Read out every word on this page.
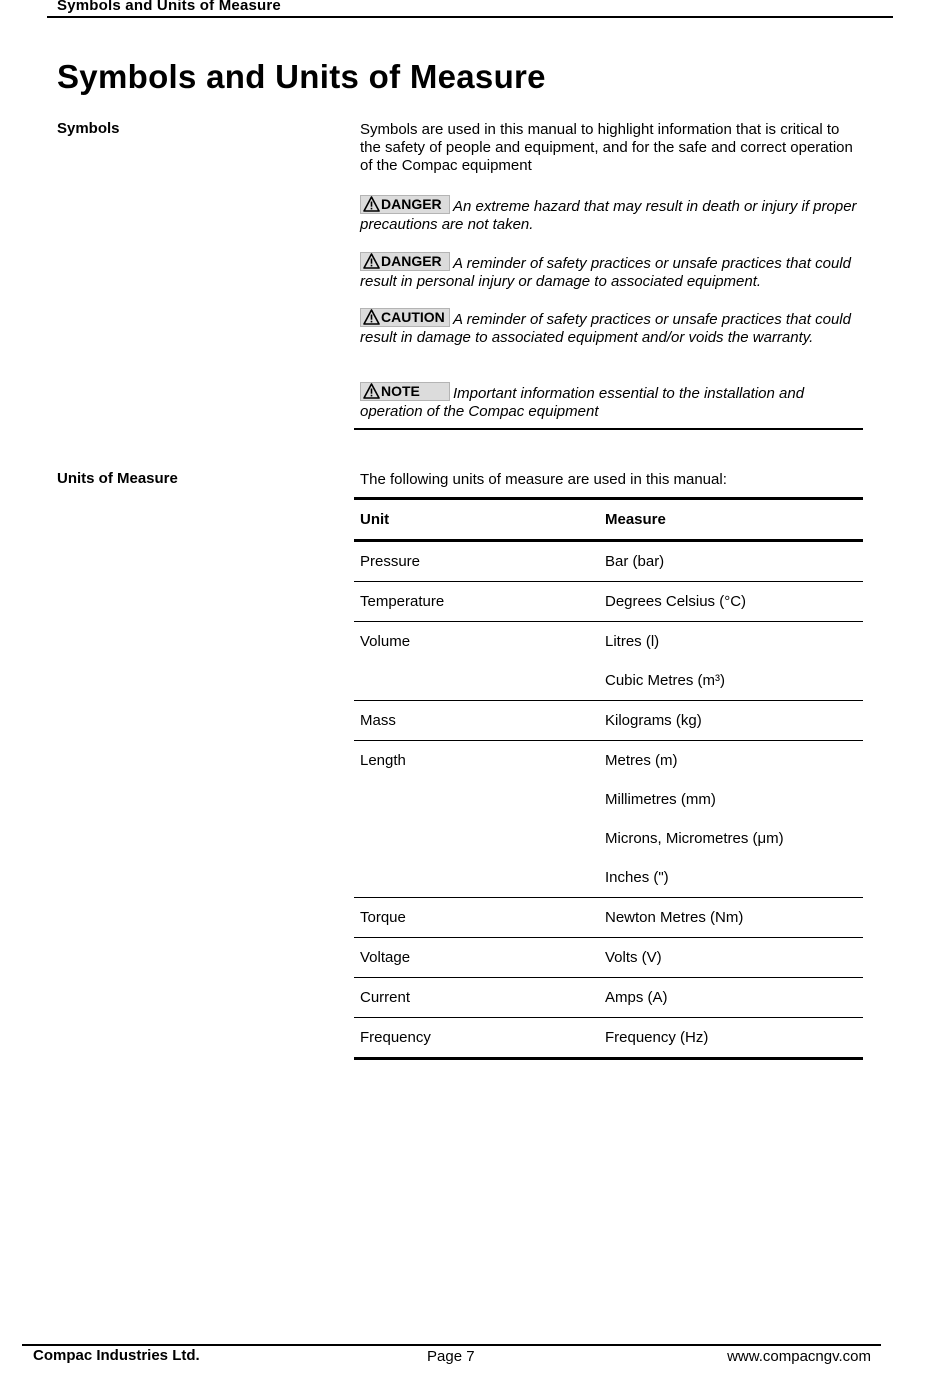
Symbols and Units of Measure
Symbols and Units of Measure
Symbols	Symbols are used in this manual to highlight information that is critical to the safety of people and equipment, and for the safe and correct operation of the Compac equipment
DANGER An extreme hazard that may result in death or injury if proper precautions are not taken.
DANGER A reminder of safety practices or unsafe practices that could result in personal injury or damage to associated equipment.
CAUTION A reminder of safety practices or unsafe practices that could result in damage to associated equipment and/or voids the warranty.
NOTE Important information essential to the installation and operation of the Compac equipment
Units of Measure	The following units of measure are used in this manual:
Unit	Measure
Pressure	Bar (bar)
Temperature	Degrees Celsius (°C)
Volume	Litres (l)
Cubic Metres (m³)
Mass	Kilograms (kg)
Length	Metres (m)
Millimetres (mm)
Microns, Micrometres (μm)
Inches (")
Torque	Newton Metres (Nm)
Voltage	Volts (V)
Current	Amps (A)
Frequency	Frequency (Hz)
Compac Industries Ltd.	Page 7	www.compacngv.com
